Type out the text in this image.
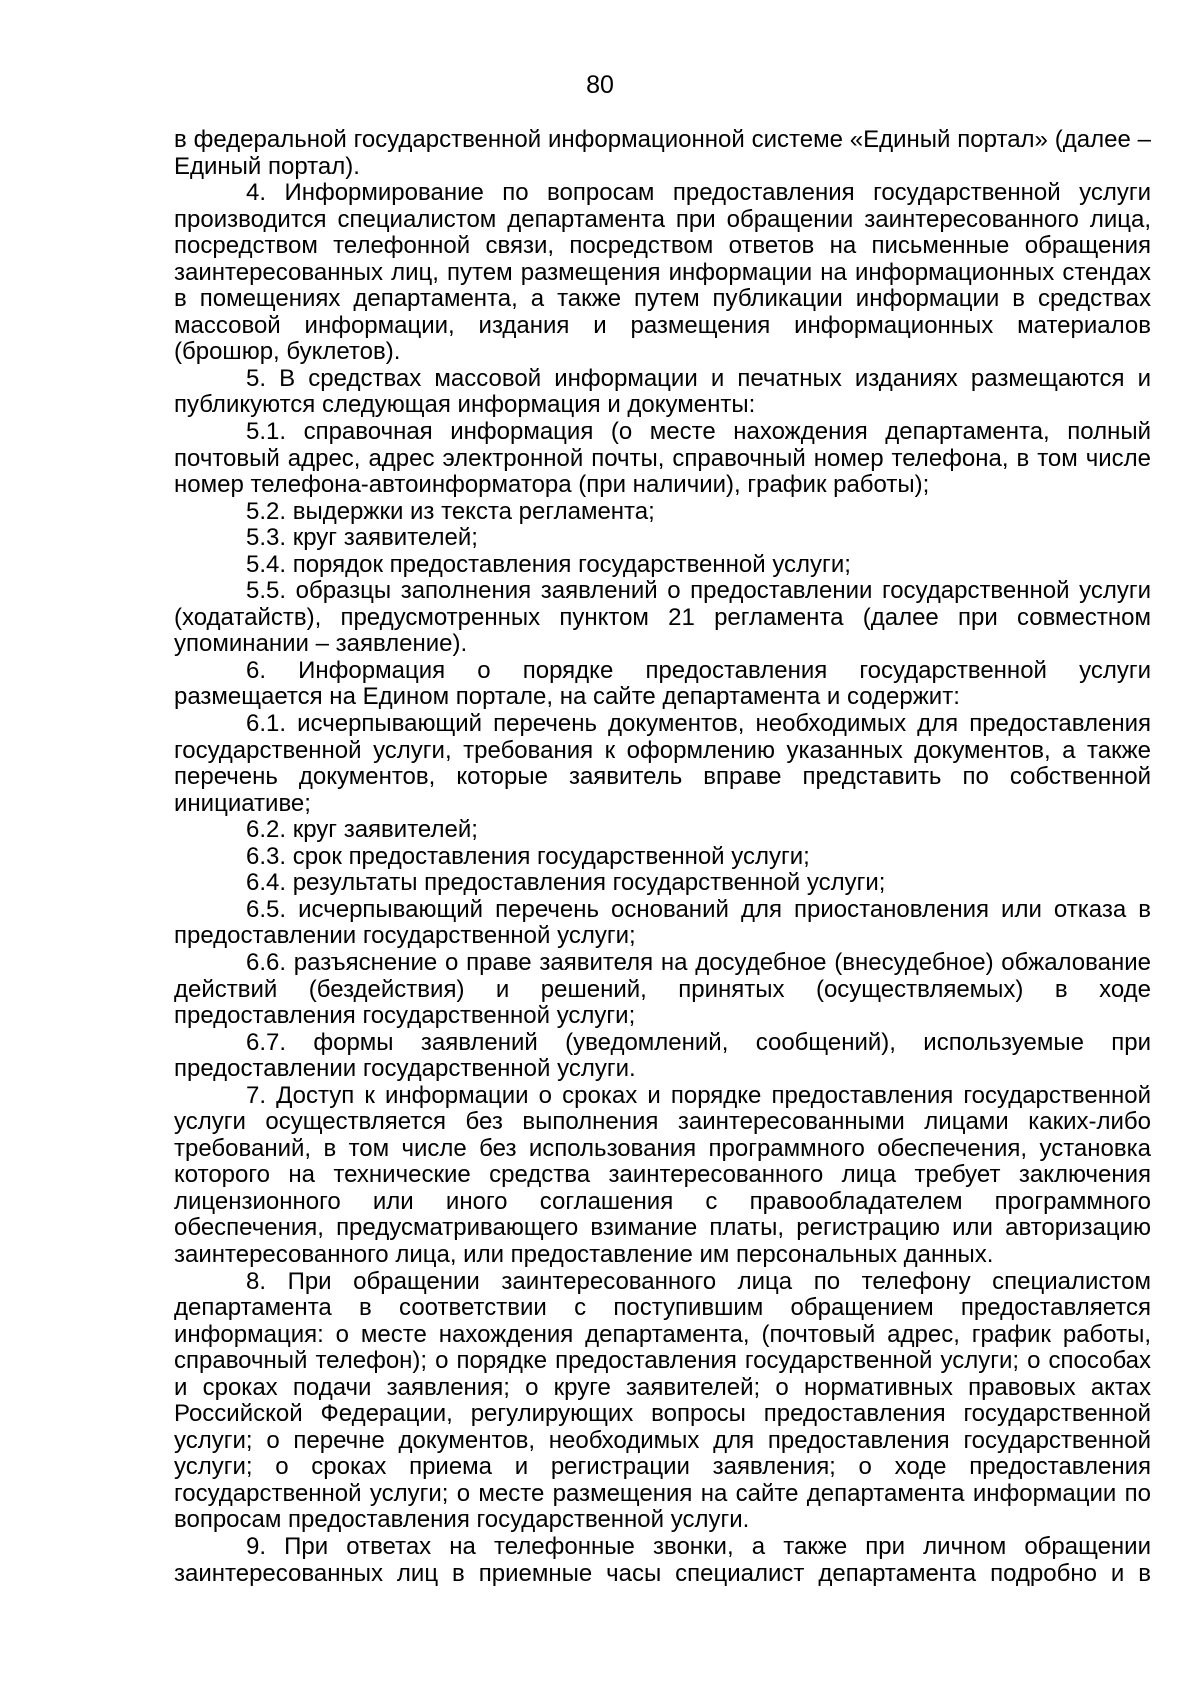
80

в федеральной государственной информационной системе «Единый портал» (далее – Единый портал).

4. Информирование по вопросам предоставления государственной услуги производится специалистом департамента при обращении заинтересованного лица, посредством телефонной связи, посредством ответов на письменные обращения заинтересованных лиц, путем размещения информации на информационных стендах в помещениях департамента, а также путем публикации информации в средствах массовой информации, издания и размещения информационных материалов (брошюр, буклетов).

5. В средствах массовой информации и печатных изданиях размещаются и публикуются следующая информация и документы:

5.1. справочная информация (о месте нахождения департамента, полный почтовый адрес, адрес электронной почты, справочный номер телефона, в том числе номер телефона-автоинформатора (при наличии), график работы);

5.2. выдержки из текста регламента;

5.3. круг заявителей;

5.4. порядок предоставления государственной услуги;

5.5. образцы заполнения заявлений о предоставлении государственной услуги (ходатайств), предусмотренных пунктом 21 регламента (далее при совместном упоминании – заявление).

6. Информация о порядке предоставления государственной услуги размещается на Едином портале, на сайте департамента и содержит:

6.1. исчерпывающий перечень документов, необходимых для предоставления государственной услуги, требования к оформлению указанных документов, а также перечень документов, которые заявитель вправе представить по собственной инициативе;

6.2. круг заявителей;

6.3. срок предоставления государственной услуги;

6.4. результаты предоставления государственной услуги;

6.5. исчерпывающий перечень оснований для приостановления или отказа в предоставлении государственной услуги;

6.6. разъяснение о праве заявителя на досудебное (внесудебное) обжалование действий (бездействия) и решений, принятых (осуществляемых) в ходе предоставления государственной услуги;

6.7. формы заявлений (уведомлений, сообщений), используемые при предоставлении государственной услуги.

7. Доступ к информации о сроках и порядке предоставления государственной услуги осуществляется без выполнения заинтересованными лицами каких-либо требований, в том числе без использования программного обеспечения, установка которого на технические средства заинтересованного лица требует заключения лицензионного или иного соглашения с правообладателем программного обеспечения, предусматривающего взимание платы, регистрацию или авторизацию заинтересованного лица, или предоставление им персональных данных.

8. При обращении заинтересованного лица по телефону специалистом департамента в соответствии с поступившим обращением предоставляется информация: о месте нахождения департамента, (почтовый адрес, график работы, справочный телефон); о порядке предоставления государственной услуги; о способах и сроках подачи заявления; о круге заявителей; о нормативных правовых актах Российской Федерации, регулирующих вопросы предоставления государственной услуги; о перечне документов, необходимых для предоставления государственной услуги; о сроках приема и регистрации заявления; о ходе предоставления государственной услуги; о месте размещения на сайте департамента информации по вопросам предоставления государственной услуги.

9. При ответах на телефонные звонки, а также при личном обращении заинтересованных лиц в приемные часы специалист департамента подробно и в
